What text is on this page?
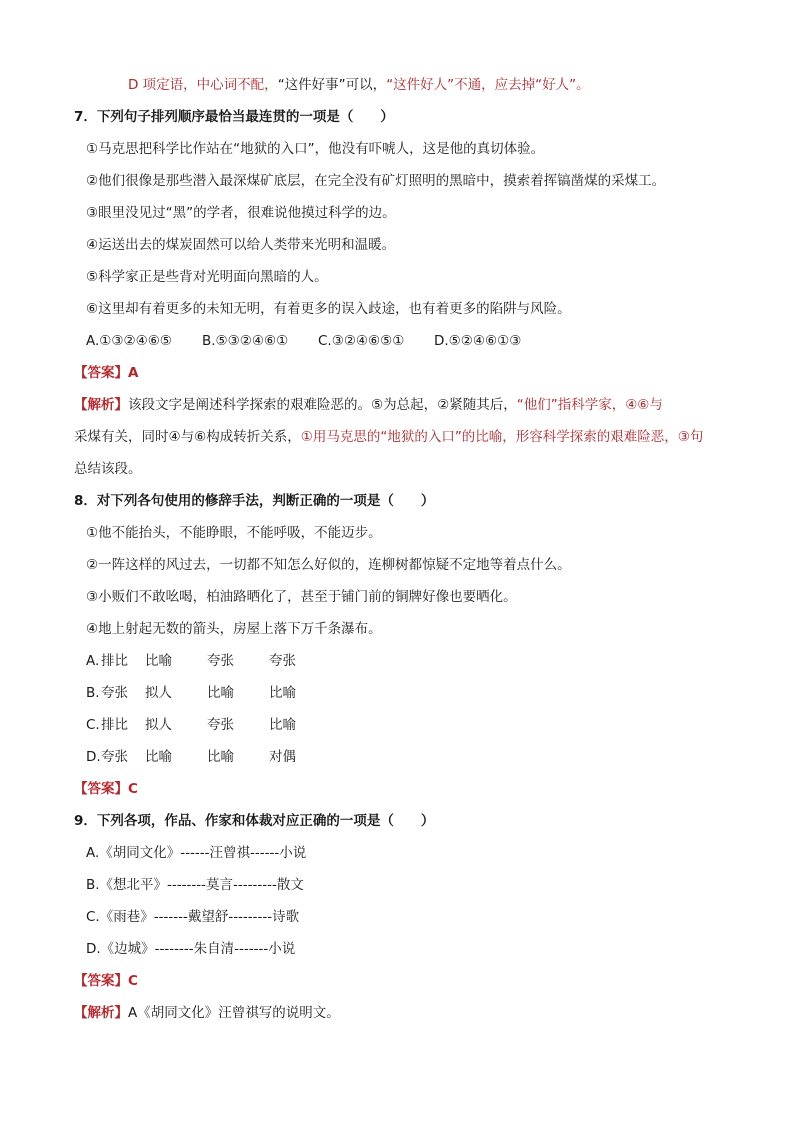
D 项定语，中心词不配，“这件好事”可以，“这件好人”不通，应去掉“好人”。
7．下列句子排列顺序最恰当最连贯的一项是（　　）
①马克思把科学比作站在“地狱的入口”，他没有吓唬人，这是他的真切体验。
②他们很像是那些潜入最深煤矿底层，在完全没有矿灯照明的黑暗中，摸索着挥镐凿煤的采煤工。
③眼里没见过“黑”的学者，很难说他摸过科学的边。
④运送出去的煤炭固然可以给人类带来光明和温暖。
⑤科学家正是些背对光明面向黑暗的人。
⑥这里却有着更多的未知无明，有着更多的误入歧途，也有着更多的陷阱与风险。
A.①③②④⑥⑤ B.⑤③②④⑥① C.③②④⑥⑤① D.⑤②④⑥①③
【答案】A
【解析】该段文字是阐述科学探索的艰难险恶的。⑤为总起，②紧随其后，“他们”指科学家，④⑥与
采煤有关，同时④与⑥构成转折关系，①用马克思的“地狱的入口”的比喻，形容科学探索的艰难险恶，③句
总结该段。
8．对下列各句使用的修辞手法，判断正确的一项是（　　）
①他不能抬头，不能睁眼，不能呼吸，不能迈步。
②一阵这样的风过去，一切都不知怎么好似的，连柳树都惊疑不定地等着点什么。
③小贩们不敢吆喝，柏油路晒化了，甚至于铺门前的铜牌好像也要晒化。
④地上射起无数的箭头，房屋上落下万千条瀑布。
A. 排比 比喻	夸张	夸张
B.夸张 拟人	比喻	比喻
C.排比 拟人	夸张	比喻
D.夸张 比喻	比喻	对偶
【答案】C
9．下列各项，作品、作家和体裁对应正确的一项是（　　）
A.《胡同文化》------汪曾祺------小说
B.《想北平》--------莫言---------散文
C.《雨巷》-------戴望舒---------诗歌
D.《边城》--------朱自清-------小说
【答案】C
【解析】A《胡同文化》汪曾祺写的说明文。
